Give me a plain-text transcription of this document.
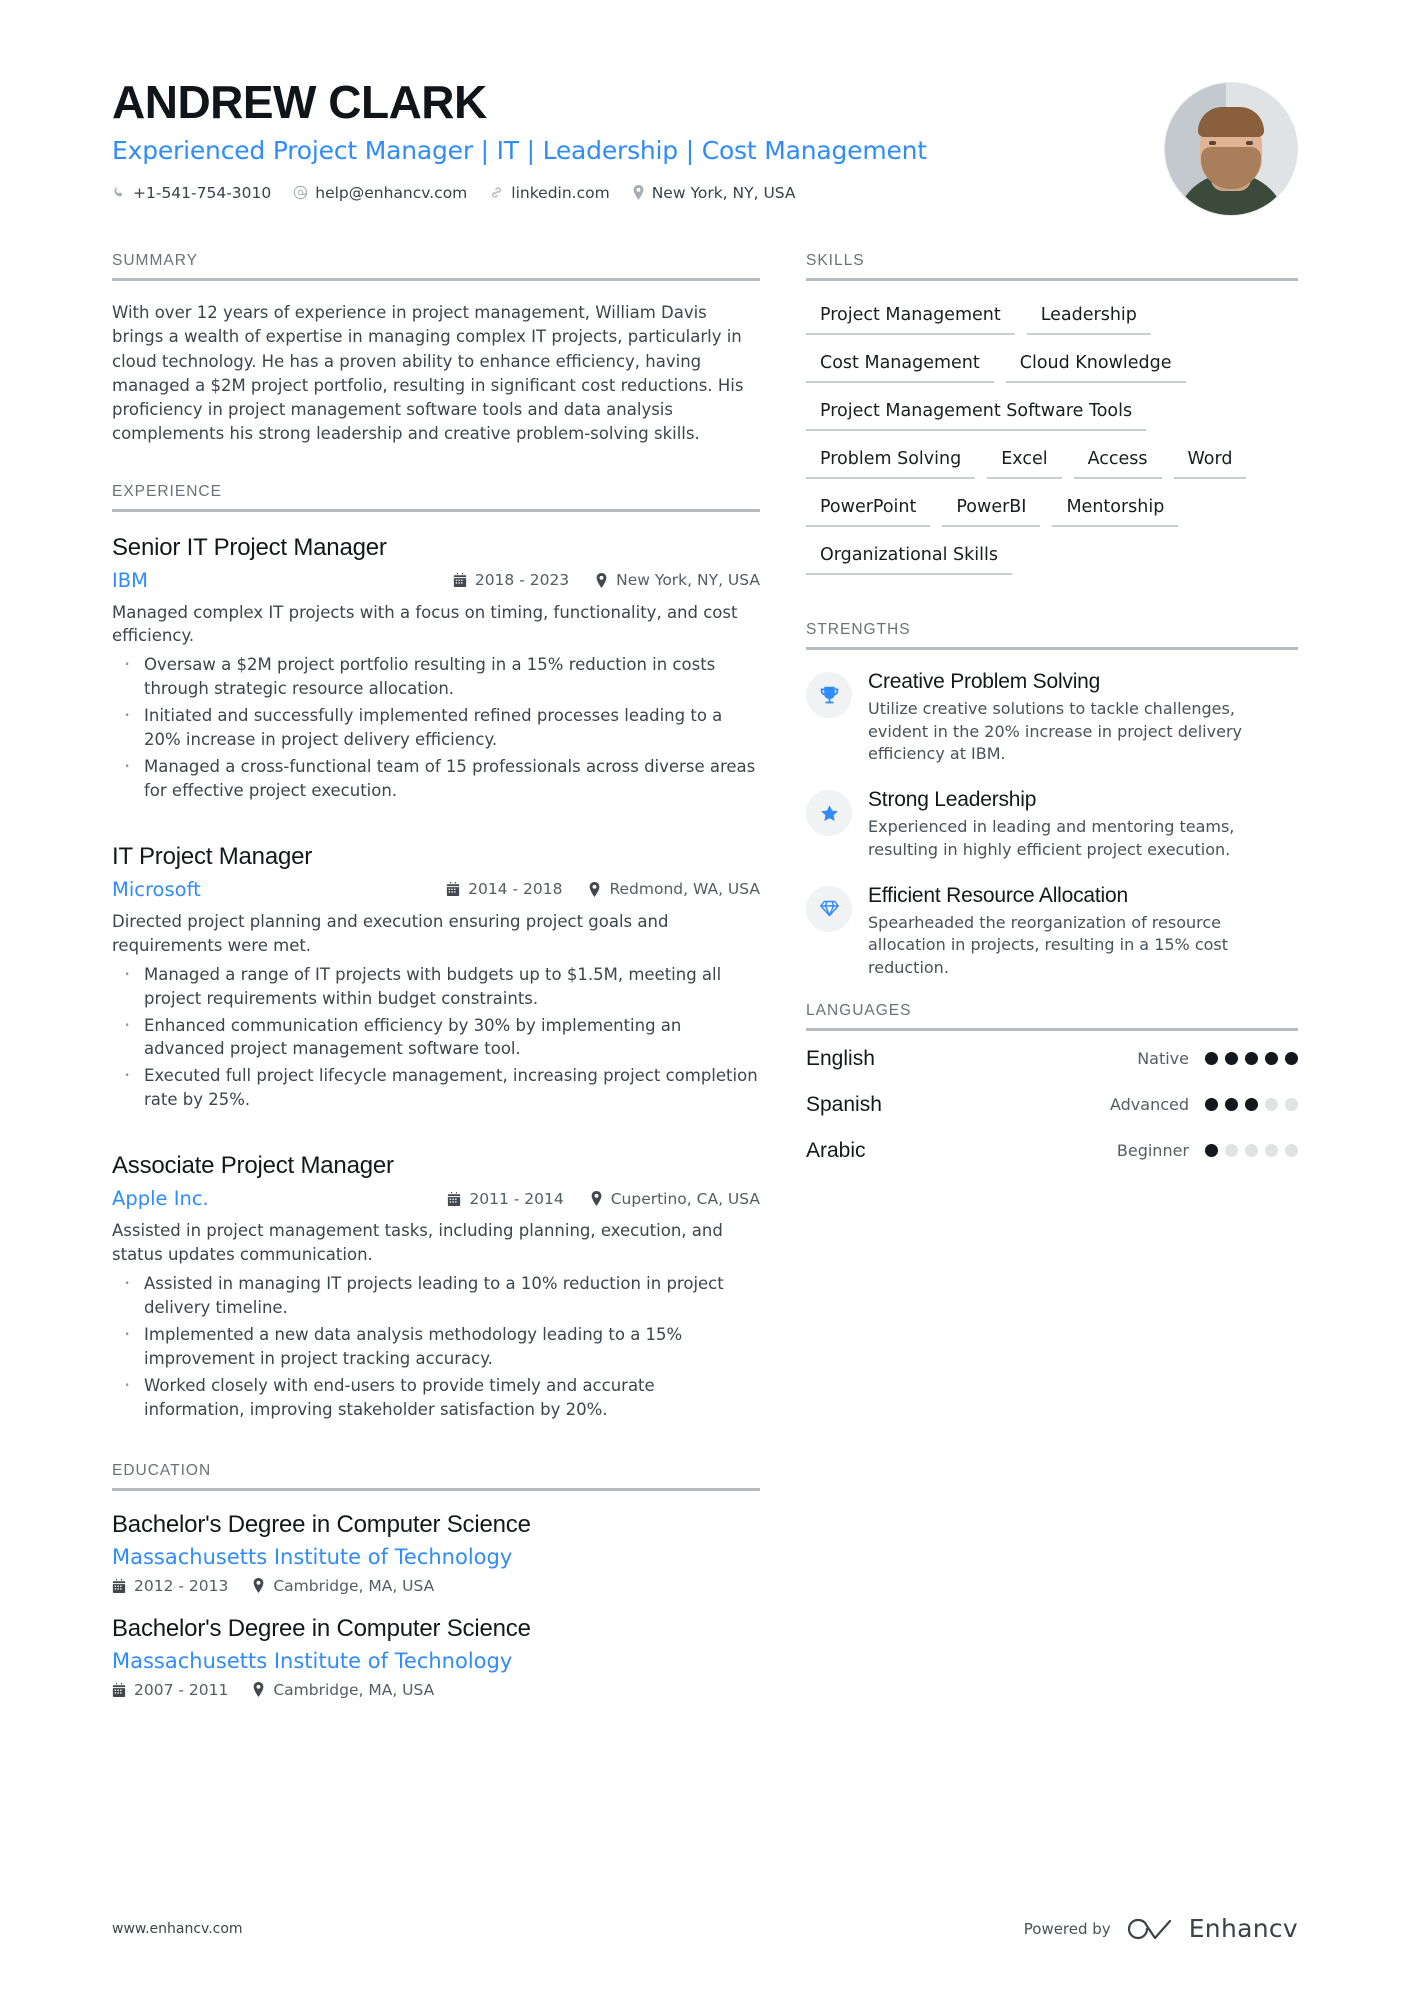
ANDREW CLARK
Experienced Project Manager | IT | Leadership | Cost Management
+1-541-754-3010	help@enhancv.com	linkedin.com	New York, NY, USA
SUMMARY
With over 12 years of experience in project management, William Davis brings a wealth of expertise in managing complex IT projects, particularly in cloud technology. He has a proven ability to enhance efficiency, having managed a $2M project portfolio, resulting in significant cost reductions. His proficiency in project management software tools and data analysis complements his strong leadership and creative problem-solving skills.
EXPERIENCE
Senior IT Project Manager
IBM	2018 - 2023	New York, NY, USA
Managed complex IT projects with a focus on timing, functionality, and cost efficiency.
· Oversaw a $2M project portfolio resulting in a 15% reduction in costs through strategic resource allocation.
· Initiated and successfully implemented refined processes leading to a 20% increase in project delivery efficiency.
· Managed a cross-functional team of 15 professionals across diverse areas for effective project execution.
IT Project Manager
Microsoft	2014 - 2018	Redmond, WA, USA
Directed project planning and execution ensuring project goals and requirements were met.
· Managed a range of IT projects with budgets up to $1.5M, meeting all project requirements within budget constraints.
· Enhanced communication efficiency by 30% by implementing an advanced project management software tool.
· Executed full project lifecycle management, increasing project completion rate by 25%.
Associate Project Manager
Apple Inc.	2011 - 2014	Cupertino, CA, USA
Assisted in project management tasks, including planning, execution, and status updates communication.
· Assisted in managing IT projects leading to a 10% reduction in project delivery timeline.
· Implemented a new data analysis methodology leading to a 15% improvement in project tracking accuracy.
· Worked closely with end-users to provide timely and accurate information, improving stakeholder satisfaction by 20%.
EDUCATION
Bachelor's Degree in Computer Science
Massachusetts Institute of Technology
2012 - 2013	Cambridge, MA, USA
Bachelor's Degree in Computer Science
Massachusetts Institute of Technology
2007 - 2011	Cambridge, MA, USA
SKILLS
Project Management	Leadership
Cost Management	Cloud Knowledge
Project Management Software Tools
Problem Solving	Excel	Access	Word
PowerPoint	PowerBI	Mentorship
Organizational Skills
STRENGTHS
Creative Problem Solving
Utilize creative solutions to tackle challenges, evident in the 20% increase in project delivery efficiency at IBM.
Strong Leadership
Experienced in leading and mentoring teams, resulting in highly efficient project execution.
Efficient Resource Allocation
Spearheaded the reorganization of resource allocation in projects, resulting in a 15% cost reduction.
LANGUAGES
English	Native
Spanish	Advanced
Arabic	Beginner
www.enhancv.com	Powered by	Enhancv
